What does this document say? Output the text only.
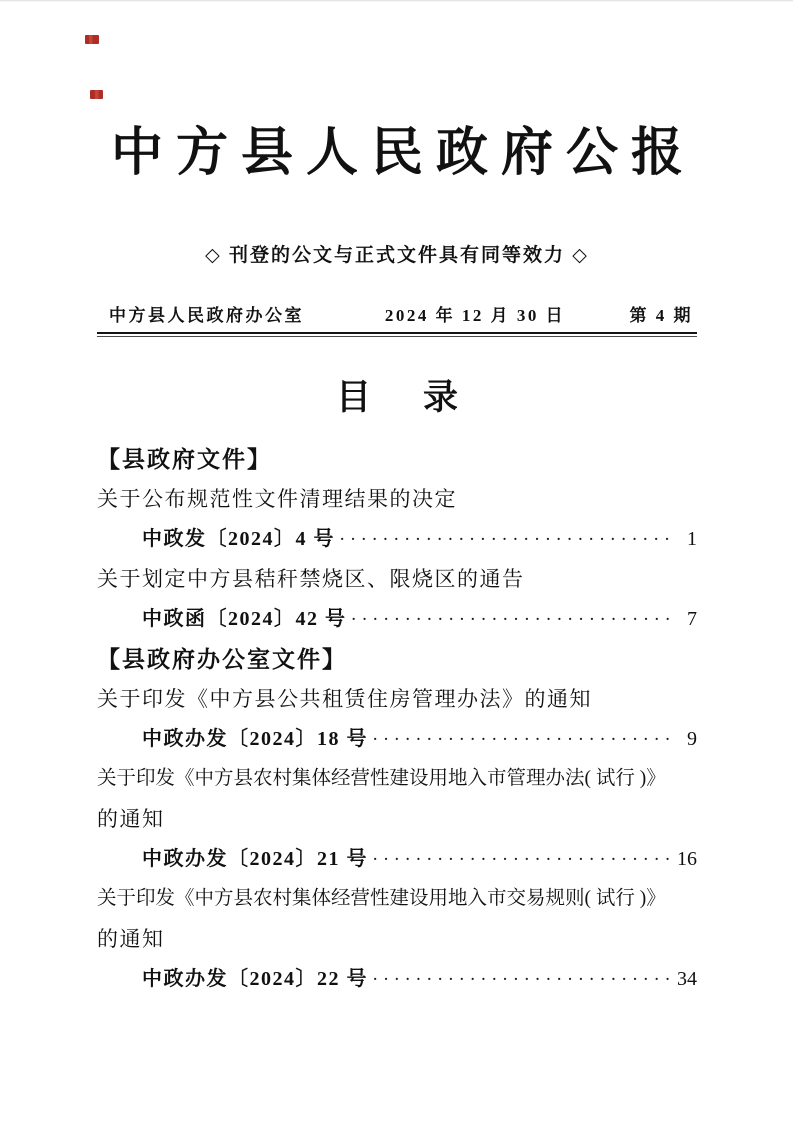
中方县人民政府公报
◇ 刊登的公文与正式文件具有同等效力 ◇
中方县人民政府办公室	2024 年 12 月 30 日	第 4 期
目 录
【县政府文件】
关于公布规范性文件清理结果的决定
中政发〔2024〕4 号 ·····	1
关于划定中方县秸秆禁烧区、限烧区的通告
中政函〔2024〕42 号 ·····	7
【县政府办公室文件】
关于印发《中方县公共租赁住房管理办法》的通知
中政办发〔2024〕18 号 ·····	9
关于印发《中方县农村集体经营性建设用地入市管理办法( 试行 )》
的通知
中政办发〔2024〕21 号 ·····	16
关于印发《中方县农村集体经营性建设用地入市交易规则( 试行 )》
的通知
中政办发〔2024〕22 号 ·····	34
